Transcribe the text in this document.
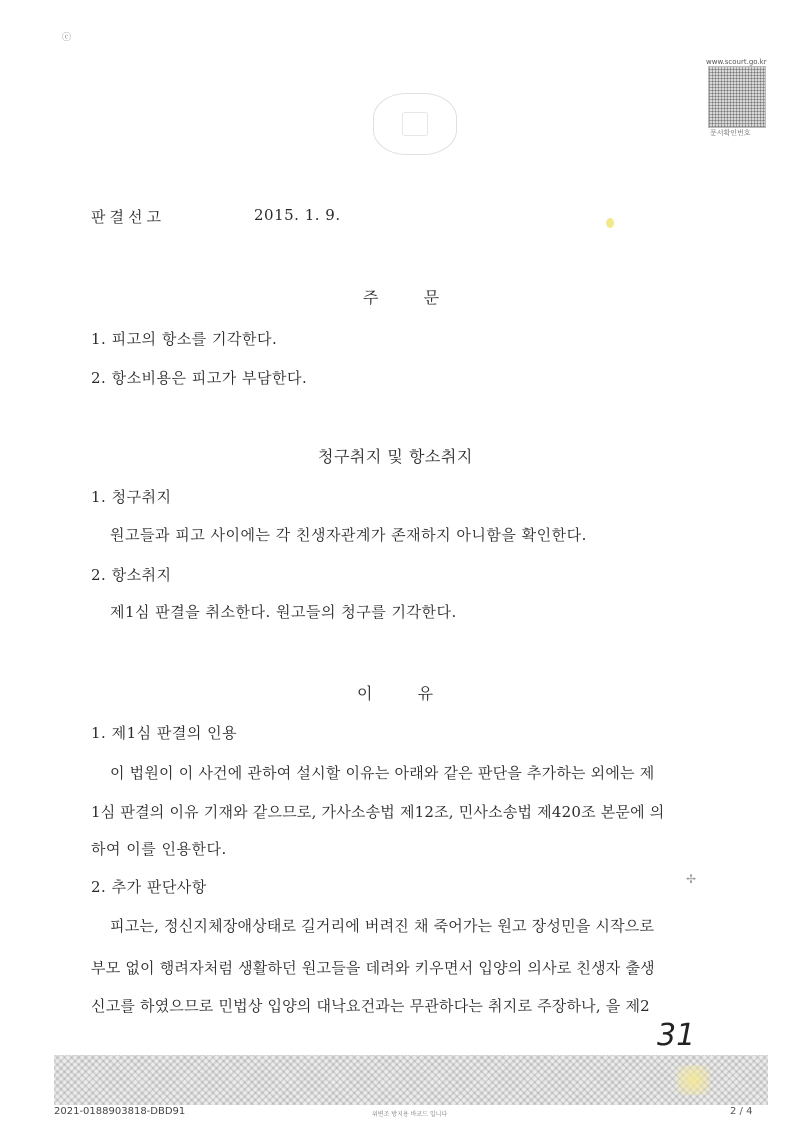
ⓒ
www.scourt.go.kr
문서확인번호
판결선고	2015. 1. 9.
주        문
1. 피고의 항소를 기각한다.
2. 항소비용은 피고가 부담한다.
청구취지 및 항소취지
1. 청구취지
원고들과 피고 사이에는 각 친생자관계가 존재하지 아니함을 확인한다.
2. 항소취지
제1심 판결을 취소한다. 원고들의 청구를 기각한다.
이        유
1. 제1심 판결의 인용
이 법원이 이 사건에 관하여 설시할 이유는 아래와 같은 판단을 추가하는 외에는 제
1심 판결의 이유 기재와 같으므로, 가사소송법 제12조, 민사소송법 제420조 본문에 의
하여 이를 인용한다.
2. 추가 판단사항
피고는, 정신지체장애상태로 길거리에 버려진 채 죽어가는 원고 장성민을 시작으로
부모 없이 행려자처럼 생활하던 원고들을 데려와 키우면서 입양의 의사로 친생자 출생
신고를 하였으므로 민법상 입양의 대낙요건과는 무관하다는 취지로 주장하나, 을 제2
✢
31
2021-0188903818-DBD91	위변조 방지용 바코드 입니다	2 / 4
